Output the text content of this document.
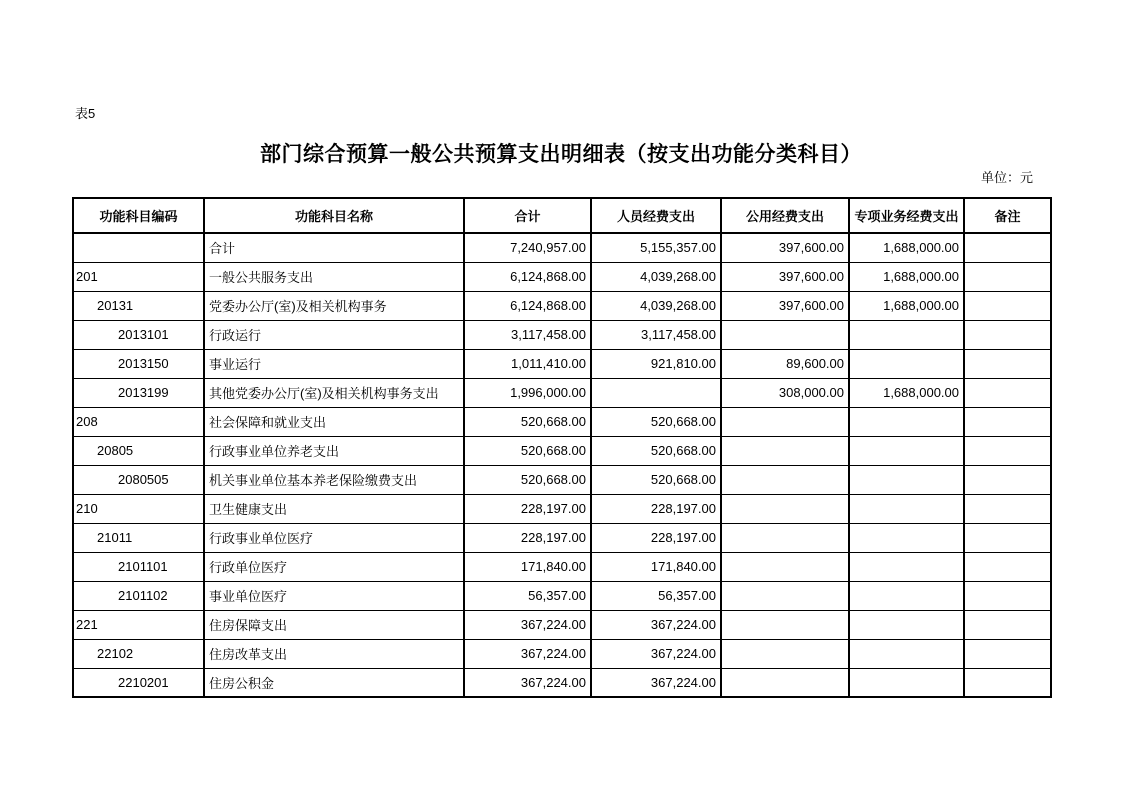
表5
部门综合预算一般公共预算支出明细表（按支出功能分类科目）
单位：元
功能科目编码	功能科目名称	合计	人员经费支出	公用经费支出	专项业务经费支出	备注
	合计	7,240,957.00	5,155,357.00	397,600.00	1,688,000.00	
201	一般公共服务支出	6,124,868.00	4,039,268.00	397,600.00	1,688,000.00	
20131	党委办公厅(室)及相关机构事务	6,124,868.00	4,039,268.00	397,600.00	1,688,000.00	
2013101	行政运行	3,117,458.00	3,117,458.00			
2013150	事业运行	1,011,410.00	921,810.00	89,600.00		
2013199	其他党委办公厅(室)及相关机构事务支出	1,996,000.00		308,000.00	1,688,000.00	
208	社会保障和就业支出	520,668.00	520,668.00			
20805	行政事业单位养老支出	520,668.00	520,668.00			
2080505	机关事业单位基本养老保险缴费支出	520,668.00	520,668.00			
210	卫生健康支出	228,197.00	228,197.00			
21011	行政事业单位医疗	228,197.00	228,197.00			
2101101	行政单位医疗	171,840.00	171,840.00			
2101102	事业单位医疗	56,357.00	56,357.00			
221	住房保障支出	367,224.00	367,224.00			
22102	住房改革支出	367,224.00	367,224.00			
2210201	住房公积金	367,224.00	367,224.00			
